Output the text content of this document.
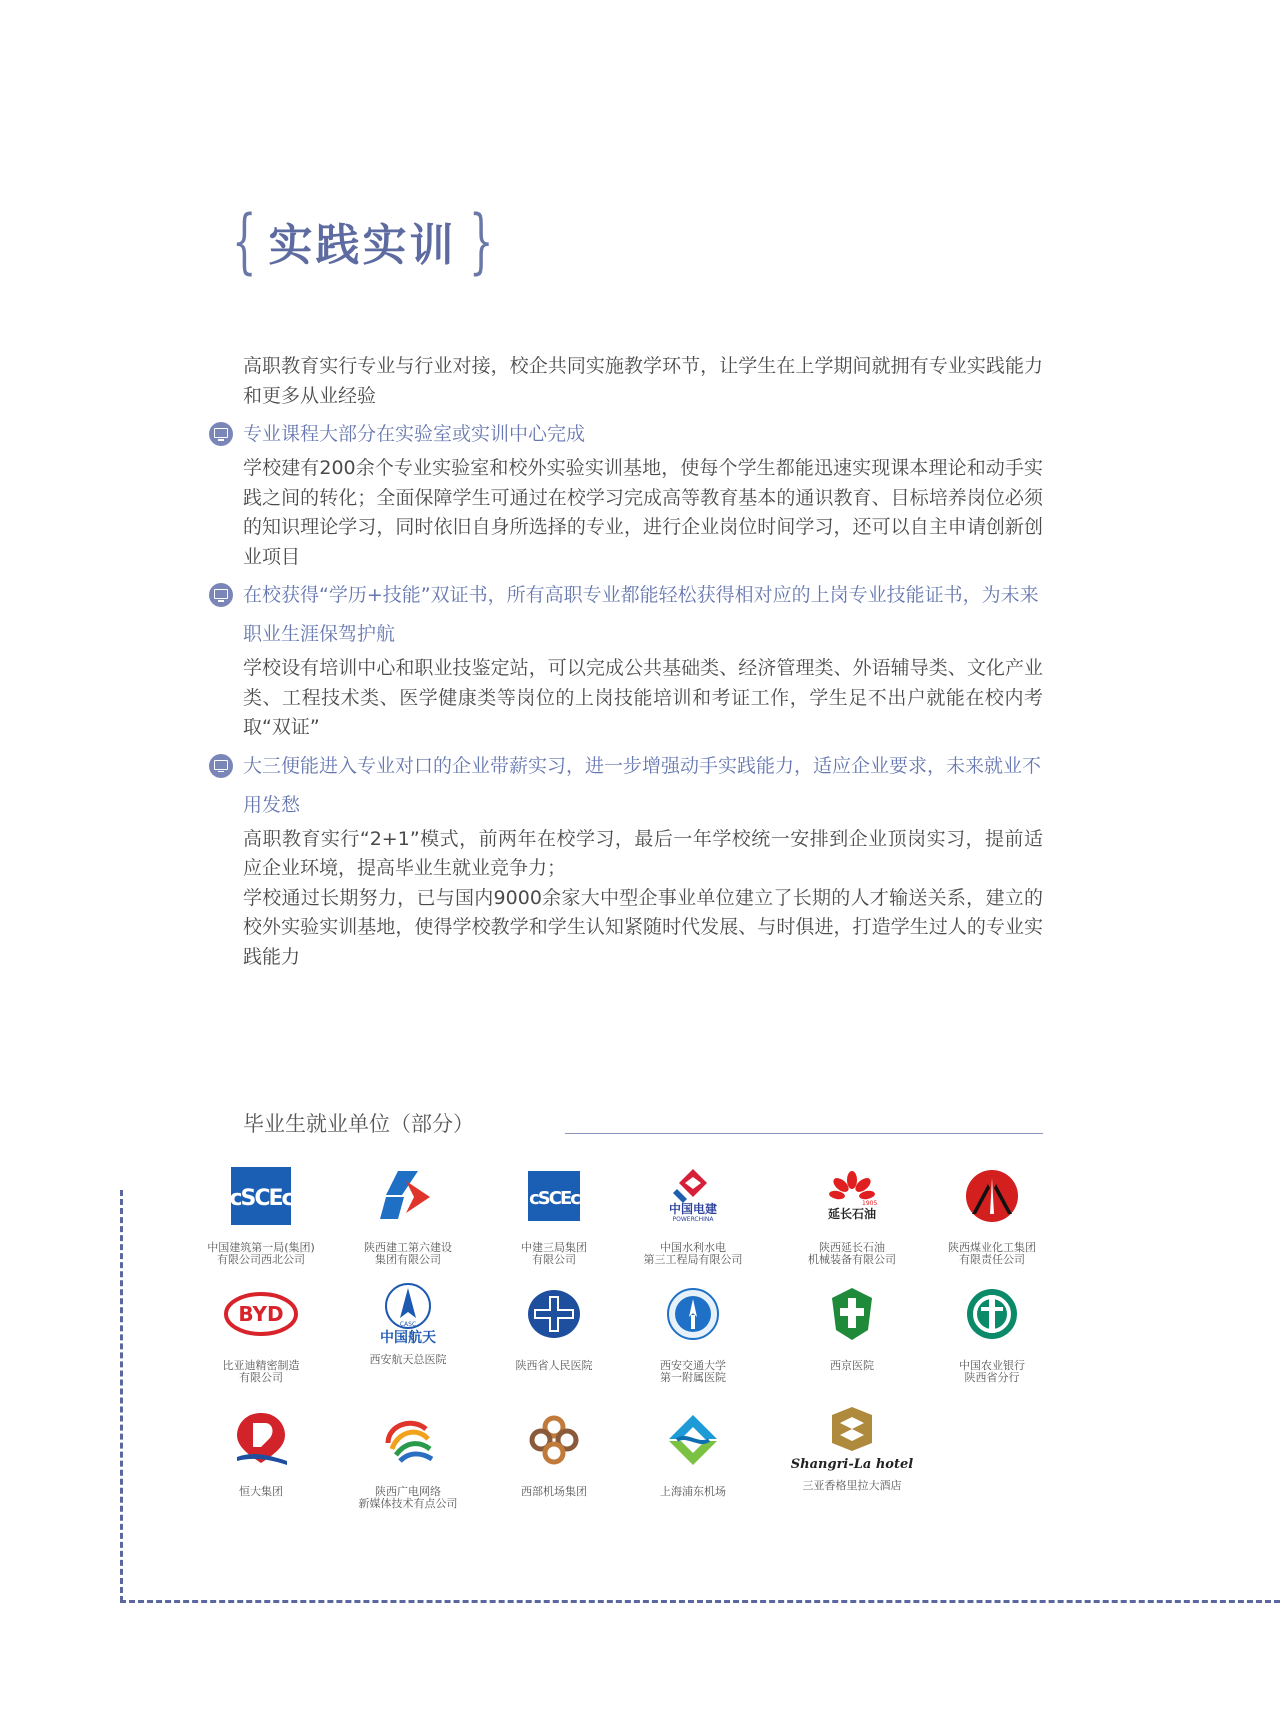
{ 实践实训 }

高职教育实行专业与行业对接，校企共同实施教学环节，让学生在上学期间就拥有专业实践能力和更多从业经验

专业课程大部分在实验室或实训中心完成

学校建有200余个专业实验室和校外实验实训基地，使每个学生都能迅速实现课本理论和动手实践之间的转化；全面保障学生可通过在校学习完成高等教育基本的通识教育、目标培养岗位必须的知识理论学习，同时依旧自身所选择的专业，进行企业岗位时间学习，还可以自主申请创新创业项目

在校获得“学历+技能”双证书，所有高职专业都能轻松获得相对应的上岗专业技能证书，为未来职业生涯保驾护航

学校设有培训中心和职业技鉴定站，可以完成公共基础类、经济管理类、外语辅导类、文化产业类、工程技术类、医学健康类等岗位的上岗技能培训和考证工作，学生足不出户就能在校内考取“双证”

大三便能进入专业对口的企业带薪实习，进一步增强动手实践能力，适应企业要求，未来就业不用发愁

高职教育实行“2+1”模式，前两年在校学习，最后一年学校统一安排到企业顶岗实习，提前适应企业环境，提高毕业生就业竞争力；

学校通过长期努力，已与国内9000余家大中型企事业单位建立了长期的人才输送关系，建立的校外实验实训基地，使得学校教学和学生认知紧随时代发展、与时俱进，打造学生过人的专业实践能力

毕业生就业单位（部分）
cSCEc
中国建筑第一局(集团)
有限公司西北公司
陕西建工第六建设
集团有限公司
cSCEc
中建三局集团
有限公司
中国电建
POWERCHINA
中国水利水电
第三工程局有限公司
1905
延长石油
陕西延长石油
机械装备有限公司
陕西煤业化工集团
有限责任公司
BYD
比亚迪精密制造
有限公司
CASC
中国航天
西安航天总医院	陕西省人民医院	西安交通大学
第一附属医院
西京医院	中国农业银行
陕西省分行
恒大集团	陕西广电网络
新媒体技术有点公司
西部机场集团	上海浦东机场
Shangri-La hotel
三亚香格里拉大酒店
